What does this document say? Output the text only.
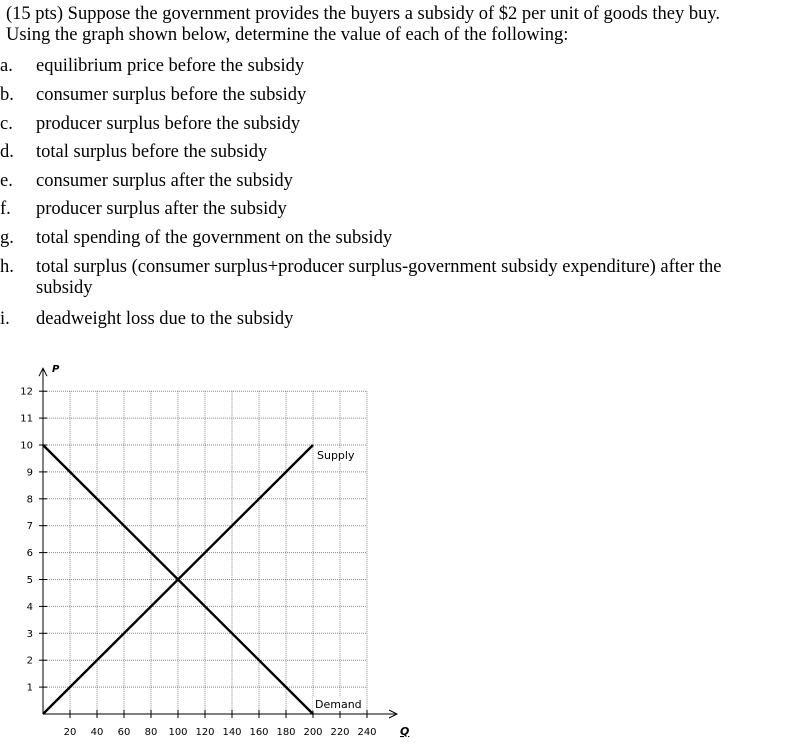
(15 pts) Suppose the government provides the buyers a subsidy of $2 per unit of goods they buy.
Using the graph shown below, determine the value of each of the following:
a. equilibrium price before the subsidy
b. consumer surplus before the subsidy
c. producer surplus before the subsidy
d. total surplus before the subsidy
e. consumer surplus after the subsidy
f. producer surplus after the subsidy
g. total spending of the government on the subsidy
h. total surplus (consumer surplus+producer surplus-government subsidy expenditure) after the subsidy
i. deadweight loss due to the subsidy
1
2
3
4
5
6
7
8
9
10
11
12
20 40 60 80 100 120 140 160 180 200 220 240
P
Q
Supply
Demand
